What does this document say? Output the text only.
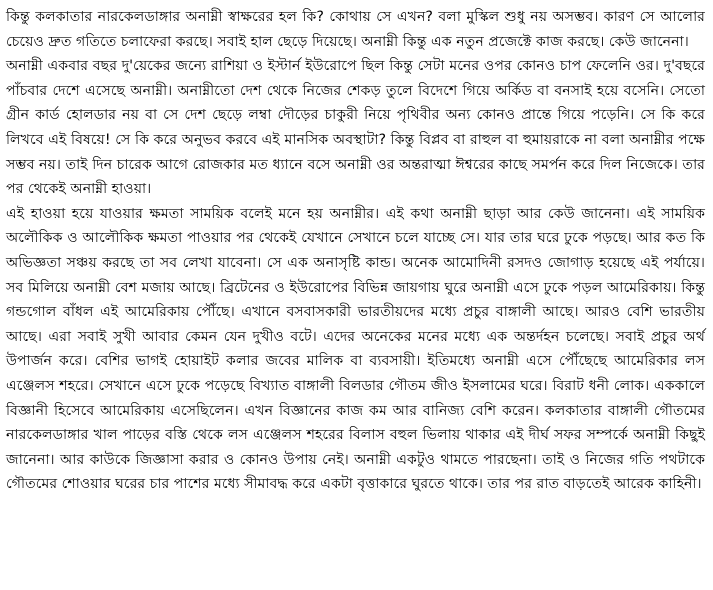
কিন্তু কলকাতার নারকেলডাঙ্গার অনাম্নী স্বাক্ষরের হল কি? কোথায় সে এখন? বলা মুস্কিল শুধু নয় অসম্ভব। কারণ সে আলোর চেয়েও দ্রুত গতিতে চলাফেরা করছে। সবাই হাল ছেড়ে দিয়েছে। অনাম্নী কিন্তু এক নতুন প্রজেক্টে কাজ করছে। কেউ জানেনা।

অনাম্নী একবার বছর দু'য়েকের জন্যে রাশিয়া ও ইস্টার্ন ইউরোপে ছিল কিন্তু সেটা মনের ওপর কোনও চাপ ফেলেনি ওর। দু'বছরে পাঁচবার দেশে এসেছে অনাম্নী। অনাম্নীতো দেশ থেকে নিজের শেকড় তুলে বিদেশে গিয়ে অর্কিড বা বনসাই হয়ে বসেনি। সেতো গ্রীন কার্ড হোলডার নয় বা সে দেশ ছেড়ে লম্বা দৌড়ের চাকুরী নিয়ে পৃথিবীর অন্য কোনও প্রান্তে গিয়ে পড়েনি। সে কি করে লিখবে এই বিষয়ে! সে কি করে অনুভব করবে এই মানসিক অবস্থাটা? কিন্তু বিপ্লব বা রাহুল বা হুমায়রাকে না বলা অনাম্নীর পক্ষে সম্ভব নয়। তাই দিন চারেক আগে রোজকার মত ধ্যানে বসে অনাম্নী ওর অন্তরাত্মা ঈশ্বরের কাছে সমর্পন করে দিল নিজেকে। তার পর থেকেই অনাম্নী হাওয়া।

এই হাওয়া হয়ে যাওয়ার ক্ষমতা সাময়িক বলেই মনে হয় অনাম্নীর। এই কথা অনাম্নী ছাড়া আর কেউ জানেনা। এই সাময়িক অলৌকিক ও আলৌকিক ক্ষমতা পাওয়ার পর থেকেই যেখানে সেখানে চলে যাচ্ছে সে। যার তার ঘরে ঢুকে পড়ছে। আর কত কি অভিজ্ঞতা সঞ্চয় করছে তা সব লেখা যাবেনা। সে এক অনাসৃষ্টি কান্ড। অনেক আমোদিনী রসদও জোগাড় হয়েছে এই পর্যায়ে। সব মিলিয়ে অনাম্নী বেশ মজায় আছে। ব্রিটেনের ও ইউরোপের বিভিন্ন জায়গায় ঘুরে অনাম্নী এসে ঢুকে পড়ল আমেরিকায়। কিন্তু গন্ডগোল বাঁধল এই আমেরিকায় পৌঁছে। এখানে বসবাসকারী ভারতীয়দের মধ্যে প্রচুর বাঙ্গালী আছে। আরও বেশি ভারতীয় আছে। এরা সবাই সুখী আবার কেমন যেন দুখীও বটে। এদের অনেকের মনের মধ্যে এক অন্তর্দহন চলেছে। সবাই প্রচুর অর্থ উপার্জন করে। বেশির ভাগই হোয়াইট কলার জবের মালিক বা ব্যবসায়ী। ইতিমধ্যে অনাম্নী এসে পৌঁছেছে আমেরিকার লস এঞ্জেলস শহরে। সেখানে এসে ঢুকে পড়েছে বিখ্যাত বাঙ্গালী বিলডার গৌতম জীও ইসলামের ঘরে। বিরাট ধনী লোক। এককালে বিজ্ঞানী হিসেবে আমেরিকায় এসেছিলেন। এখন বিজ্ঞানের কাজ কম আর বানিজ্য বেশি করেন। কলকাতার বাঙ্গালী গৌতমের নারকেলডাঙ্গার খাল পাড়ের বস্তি থেকে লস এঞ্জেলস শহরের বিলাস বহুল ভিলায় থাকার এই দীর্ঘ সফর সম্পর্কে অনাম্নী কিছুই জানেনা। আর কাউকে জিজ্ঞাসা করার ও কোনও উপায় নেই। অনাম্নী একটুও থামতে পারছেনা। তাই ও নিজের গতি পথটাকে গৌতমের শোওয়ার ঘরের চার পাশের মধ্যে সীমাবদ্ধ করে একটা বৃত্তাকারে ঘুরতে থাকে। তার পর রাত বাড়তেই আরেক কাহিনী।
